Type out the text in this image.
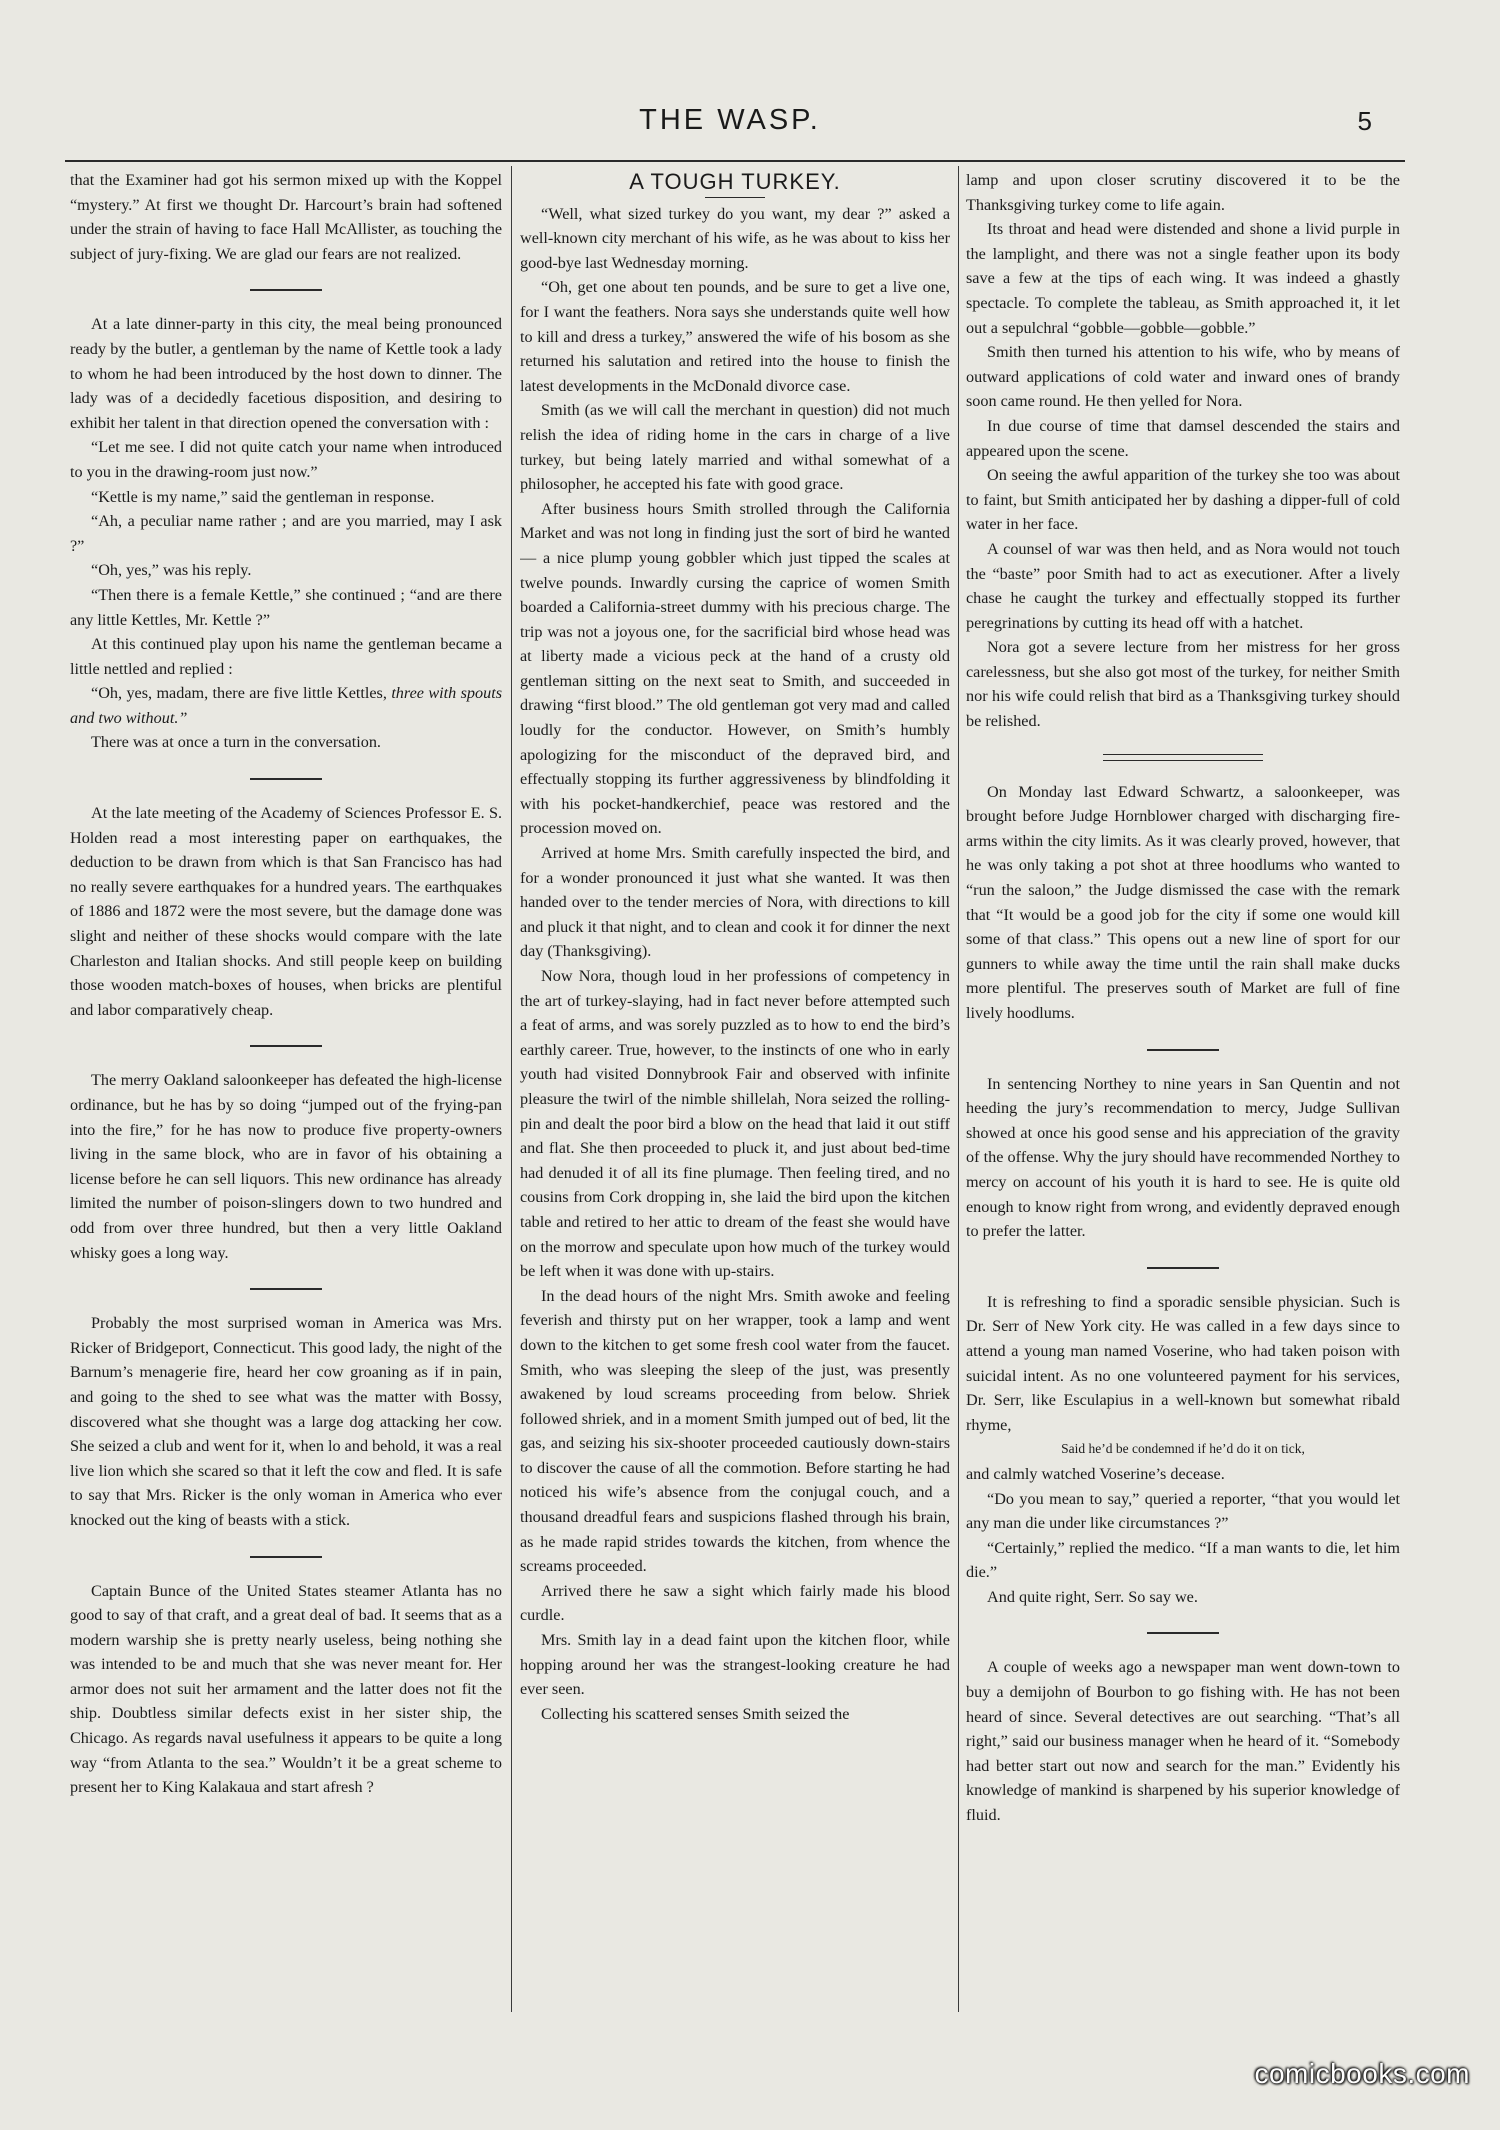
THE WASP.	5

that the Examiner had got his sermon mixed up with the Koppel “mystery.” At first we thought Dr. Harcourt’s brain had softened under the strain of having to face Hall McAllister, as touching the subject of jury-fixing. We are glad our fears are not realized.

At a late dinner-party in this city, the meal being pronounced ready by the butler, a gentleman by the name of Kettle took a lady to whom he had been introduced by the host down to dinner. The lady was of a decidedly facetious disposition, and desiring to exhibit her talent in that direction opened the conversation with :

“Let me see. I did not quite catch your name when introduced to you in the drawing-room just now.”

“Kettle is my name,” said the gentleman in response.

“Ah, a peculiar name rather ; and are you married, may I ask ?”

“Oh, yes,” was his reply.

“Then there is a female Kettle,” she continued ; “and are there any little Kettles, Mr. Kettle ?”

At this continued play upon his name the gentleman became a little nettled and replied :

“Oh, yes, madam, there are five little Kettles, three with spouts and two without.”

There was at once a turn in the conversation.

At the late meeting of the Academy of Sciences Professor E. S. Holden read a most interesting paper on earthquakes, the deduction to be drawn from which is that San Francisco has had no really severe earthquakes for a hundred years. The earthquakes of 1886 and 1872 were the most severe, but the damage done was slight and neither of these shocks would compare with the late Charleston and Italian shocks. And still people keep on building those wooden match-boxes of houses, when bricks are plentiful and labor comparatively cheap.

The merry Oakland saloonkeeper has defeated the high-license ordinance, but he has by so doing “jumped out of the frying-pan into the fire,” for he has now to produce five property-owners living in the same block, who are in favor of his obtaining a license before he can sell liquors. This new ordinance has already limited the number of poison-slingers down to two hundred and odd from over three hundred, but then a very little Oakland whisky goes a long way.

Probably the most surprised woman in America was Mrs. Ricker of Bridgeport, Connecticut. This good lady, the night of the Barnum’s menagerie fire, heard her cow groaning as if in pain, and going to the shed to see what was the matter with Bossy, discovered what she thought was a large dog attacking her cow. She seized a club and went for it, when lo and behold, it was a real live lion which she scared so that it left the cow and fled. It is safe to say that Mrs. Ricker is the only woman in America who ever knocked out the king of beasts with a stick.

Captain Bunce of the United States steamer Atlanta has no good to say of that craft, and a great deal of bad. It seems that as a modern warship she is pretty nearly useless, being nothing she was intended to be and much that she was never meant for. Her armor does not suit her armament and the latter does not fit the ship. Doubtless similar defects exist in her sister ship, the Chicago. As regards naval usefulness it appears to be quite a long way “from Atlanta to the sea.” Wouldn’t it be a great scheme to present her to King Kalakaua and start afresh ?

A TOUGH TURKEY.

“Well, what sized turkey do you want, my dear ?” asked a well-known city merchant of his wife, as he was about to kiss her good-bye last Wednesday morning.

“Oh, get one about ten pounds, and be sure to get a live one, for I want the feathers. Nora says she understands quite well how to kill and dress a turkey,” answered the wife of his bosom as she returned his salutation and retired into the house to finish the latest developments in the McDonald divorce case.

Smith (as we will call the merchant in question) did not much relish the idea of riding home in the cars in charge of a live turkey, but being lately married and withal somewhat of a philosopher, he accepted his fate with good grace.

After business hours Smith strolled through the California Market and was not long in finding just the sort of bird he wanted — a nice plump young gobbler which just tipped the scales at twelve pounds. Inwardly cursing the caprice of women Smith boarded a California-street dummy with his precious charge. The trip was not a joyous one, for the sacrificial bird whose head was at liberty made a vicious peck at the hand of a crusty old gentleman sitting on the next seat to Smith, and succeeded in drawing “first blood.” The old gentleman got very mad and called loudly for the conductor. However, on Smith’s humbly apologizing for the misconduct of the depraved bird, and effectually stopping its further aggressiveness by blindfolding it with his pocket-handkerchief, peace was restored and the procession moved on.

Arrived at home Mrs. Smith carefully inspected the bird, and for a wonder pronounced it just what she wanted. It was then handed over to the tender mercies of Nora, with directions to kill and pluck it that night, and to clean and cook it for dinner the next day (Thanksgiving).

Now Nora, though loud in her professions of competency in the art of turkey-slaying, had in fact never before attempted such a feat of arms, and was sorely puzzled as to how to end the bird’s earthly career. True, however, to the instincts of one who in early youth had visited Donnybrook Fair and observed with infinite pleasure the twirl of the nimble shillelah, Nora seized the rolling-pin and dealt the poor bird a blow on the head that laid it out stiff and flat. She then proceeded to pluck it, and just about bed-time had denuded it of all its fine plumage. Then feeling tired, and no cousins from Cork dropping in, she laid the bird upon the kitchen table and retired to her attic to dream of the feast she would have on the morrow and speculate upon how much of the turkey would be left when it was done with up-stairs.

In the dead hours of the night Mrs. Smith awoke and feeling feverish and thirsty put on her wrapper, took a lamp and went down to the kitchen to get some fresh cool water from the faucet. Smith, who was sleeping the sleep of the just, was presently awakened by loud screams proceeding from below. Shriek followed shriek, and in a moment Smith jumped out of bed, lit the gas, and seizing his six-shooter proceeded cautiously down-stairs to discover the cause of all the commotion. Before starting he had noticed his wife’s absence from the conjugal couch, and a thousand dreadful fears and suspicions flashed through his brain, as he made rapid strides towards the kitchen, from whence the screams proceeded.

Arrived there he saw a sight which fairly made his blood curdle.

Mrs. Smith lay in a dead faint upon the kitchen floor, while hopping around her was the strangest-looking creature he had ever seen.

Collecting his scattered senses Smith seized the

lamp and upon closer scrutiny discovered it to be the Thanksgiving turkey come to life again.

Its throat and head were distended and shone a livid purple in the lamplight, and there was not a single feather upon its body save a few at the tips of each wing. It was indeed a ghastly spectacle. To complete the tableau, as Smith approached it, it let out a sepulchral “gobble—gobble—gobble.”

Smith then turned his attention to his wife, who by means of outward applications of cold water and inward ones of brandy soon came round. He then yelled for Nora.

In due course of time that damsel descended the stairs and appeared upon the scene.

On seeing the awful apparition of the turkey she too was about to faint, but Smith anticipated her by dashing a dipper-full of cold water in her face.

A counsel of war was then held, and as Nora would not touch the “baste” poor Smith had to act as executioner. After a lively chase he caught the turkey and effectually stopped its further peregrinations by cutting its head off with a hatchet.

Nora got a severe lecture from her mistress for her gross carelessness, but she also got most of the turkey, for neither Smith nor his wife could relish that bird as a Thanksgiving turkey should be relished.

On Monday last Edward Schwartz, a saloonkeeper, was brought before Judge Hornblower charged with discharging fire-arms within the city limits. As it was clearly proved, however, that he was only taking a pot shot at three hoodlums who wanted to “run the saloon,” the Judge dismissed the case with the remark that “It would be a good job for the city if some one would kill some of that class.” This opens out a new line of sport for our gunners to while away the time until the rain shall make ducks more plentiful. The preserves south of Market are full of fine lively hoodlums.

In sentencing Northey to nine years in San Quentin and not heeding the jury’s recommendation to mercy, Judge Sullivan showed at once his good sense and his appreciation of the gravity of the offense. Why the jury should have recommended Northey to mercy on account of his youth it is hard to see. He is quite old enough to know right from wrong, and evidently depraved enough to prefer the latter.

It is refreshing to find a sporadic sensible physician. Such is Dr. Serr of New York city. He was called in a few days since to attend a young man named Voserine, who had taken poison with suicidal intent. As no one volunteered payment for his services, Dr. Serr, like Esculapius in a well-known but somewhat ribald rhyme,

Said he’d be condemned if he’d do it on tick,

and calmly watched Voserine’s decease.

“Do you mean to say,” queried a reporter, “that you would let any man die under like circumstances ?”

“Certainly,” replied the medico. “If a man wants to die, let him die.”

And quite right, Serr. So say we.

A couple of weeks ago a newspaper man went down-town to buy a demijohn of Bourbon to go fishing with. He has not been heard of since. Several detectives are out searching. “That’s all right,” said our business manager when he heard of it. “Somebody had better start out now and search for the man.” Evidently his knowledge of mankind is sharpened by his superior knowledge of fluid.

comicbooks.com
